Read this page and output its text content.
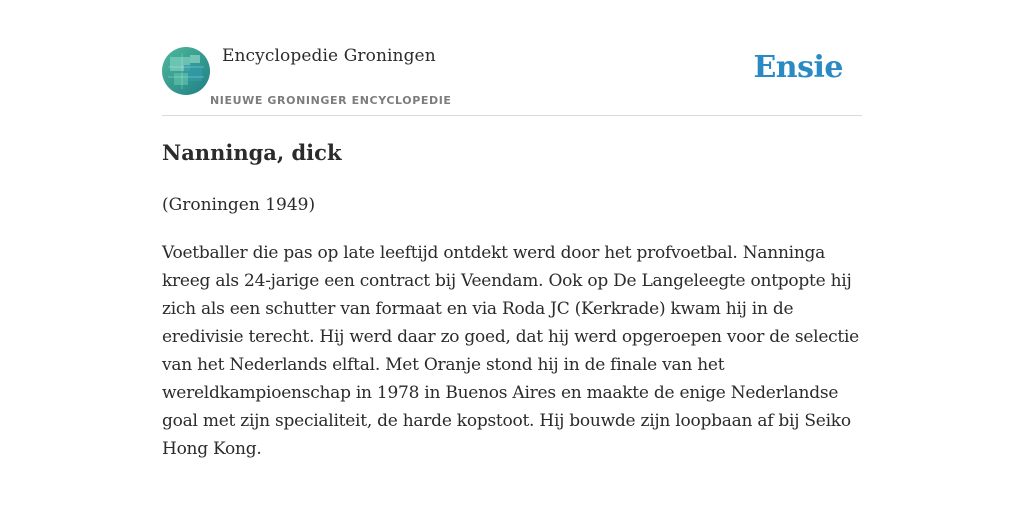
Encyclopedie Groningen
NIEUWE GRONINGER ENCYCLOPEDIE
Ensie
Nanninga, dick
(Groningen 1949)
Voetballer die pas op late leeftijd ontdekt werd door het profvoetbal. Nanninga
kreeg als 24-jarige een contract bij Veendam. Ook op De Langeleegte ontpopte hij
zich als een schutter van formaat en via Roda JC (Kerkrade) kwam hij in de
eredivisie terecht. Hij werd daar zo goed, dat hij werd opgeroepen voor de selectie
van het Nederlands elftal. Met Oranje stond hij in de finale van het
wereldkampioenschap in 1978 in Buenos Aires en maakte de enige Nederlandse
goal met zijn specialiteit, de harde kopstoot. Hij bouwde zijn loopbaan af bij Seiko
Hong Kong.
